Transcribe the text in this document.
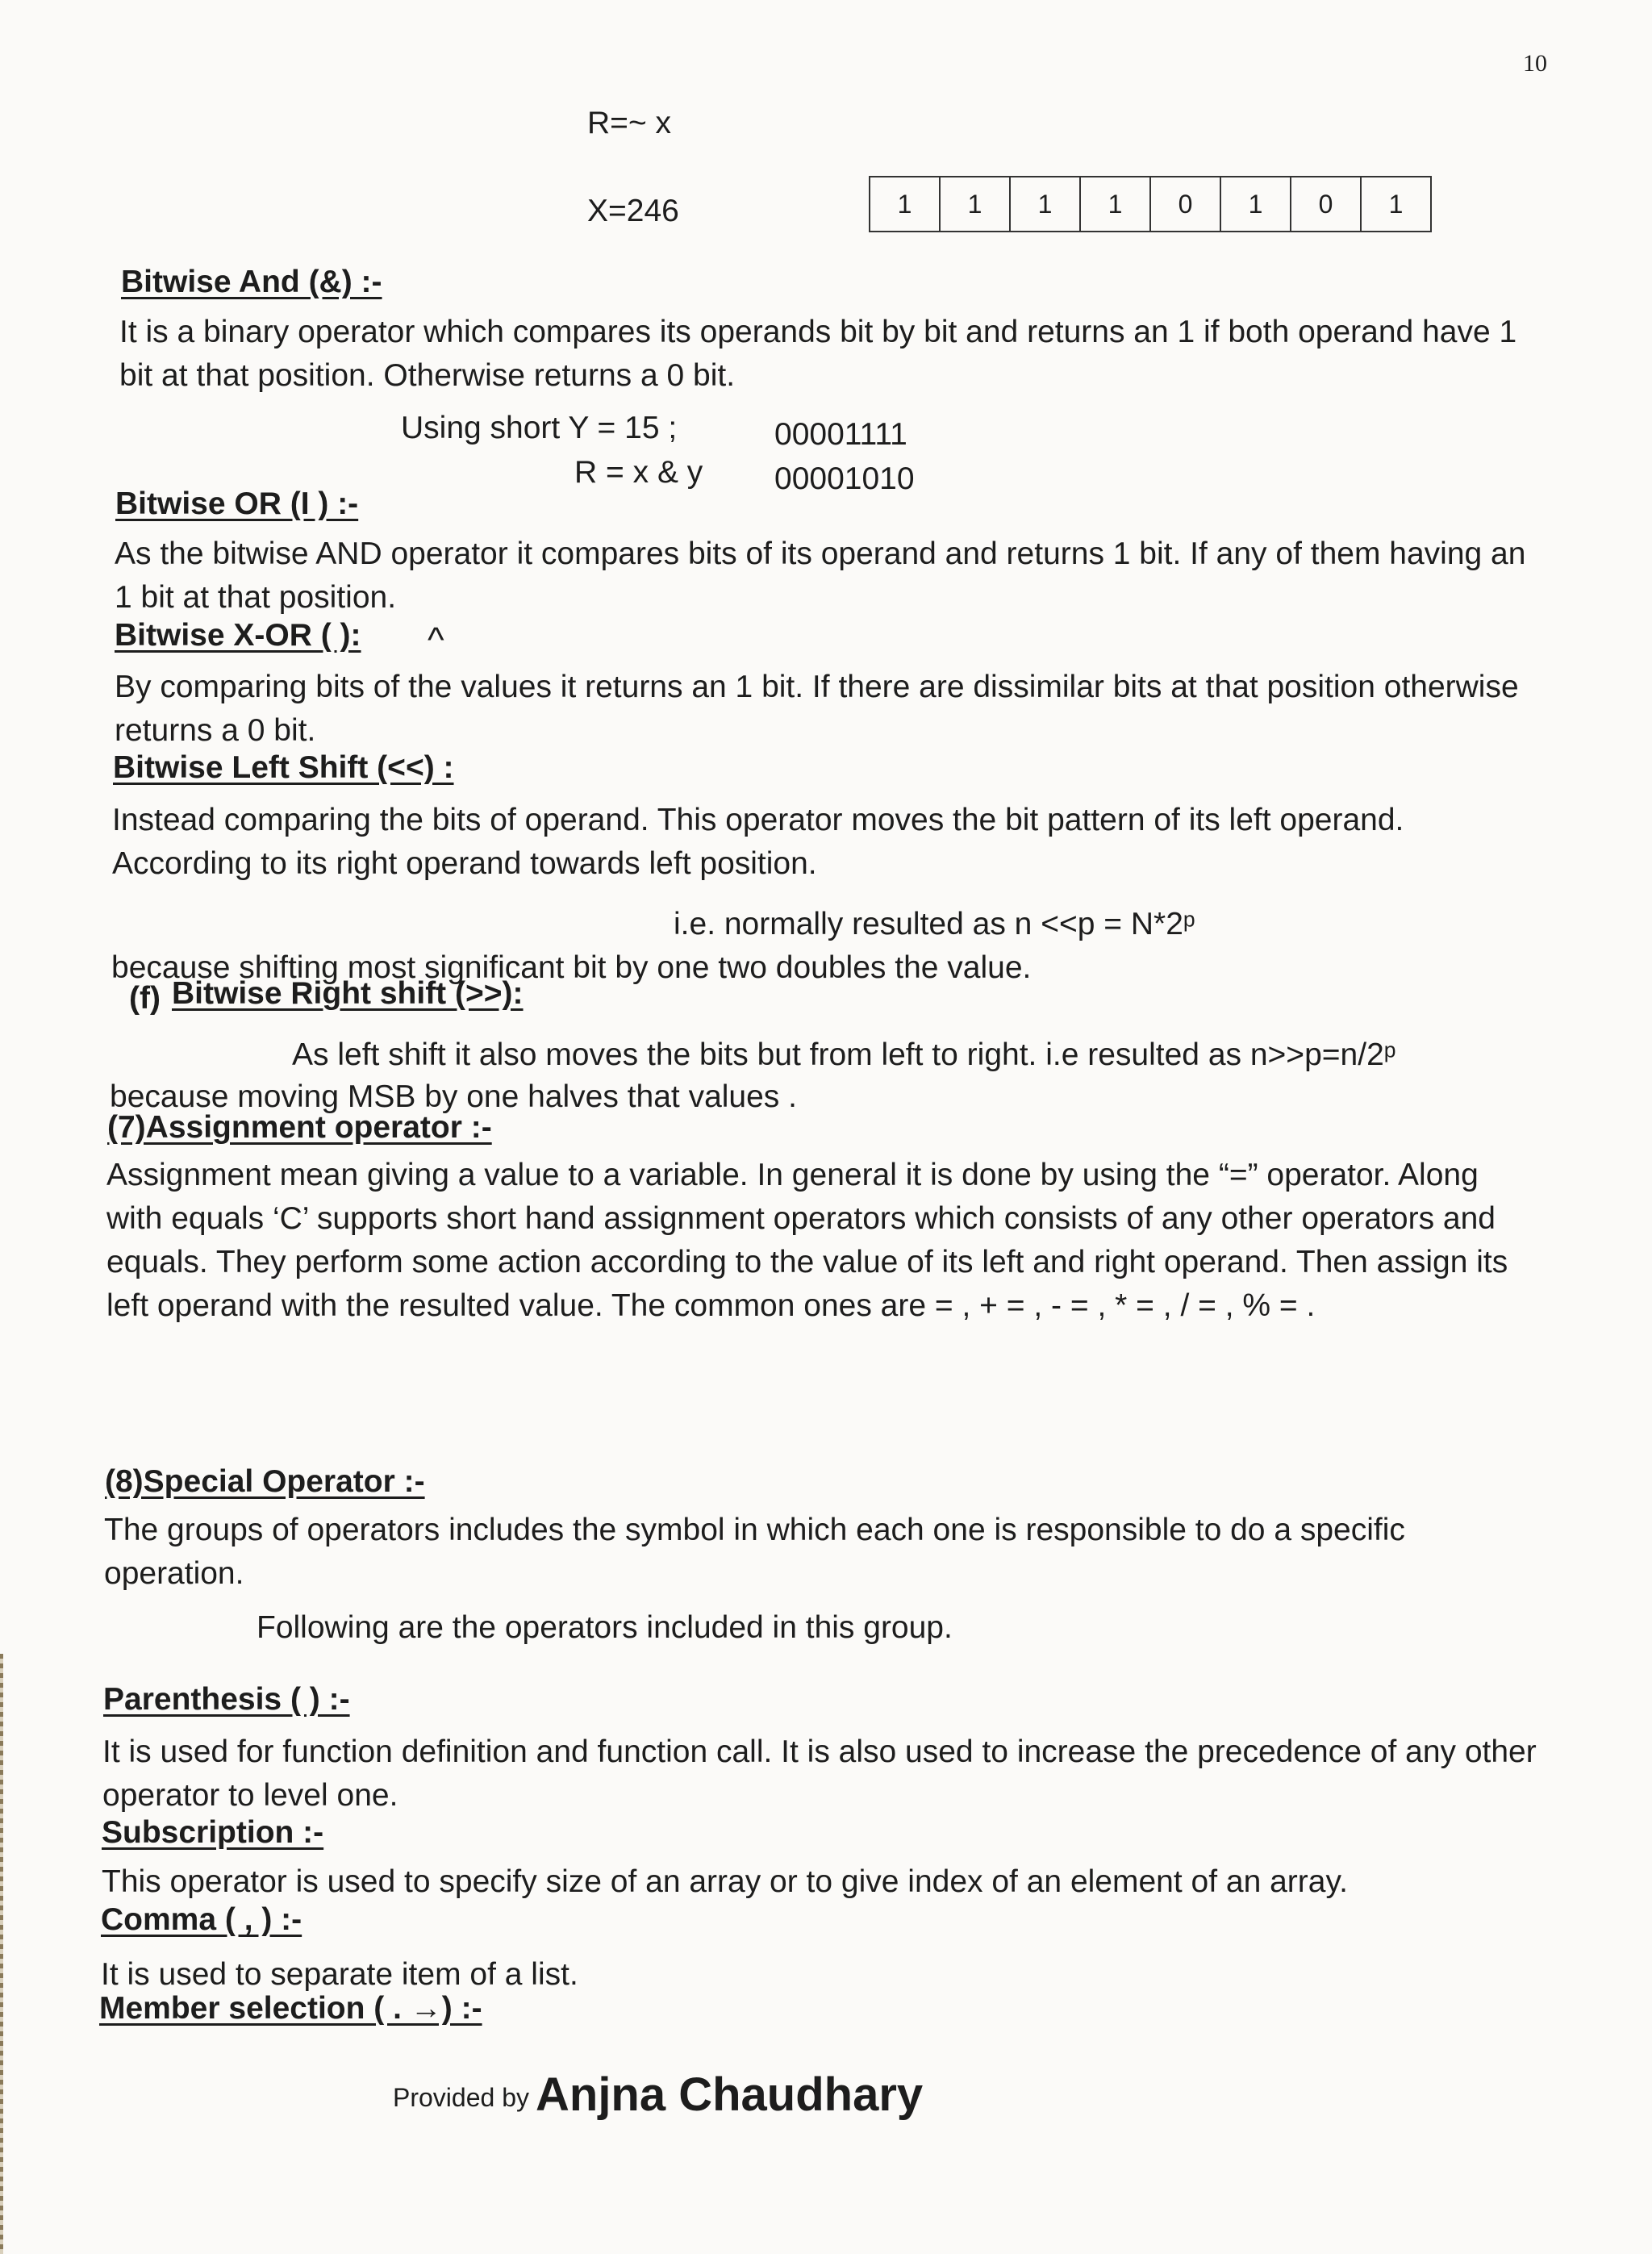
10
R=~ x
X=246	1	1	1	1	0	1	0	1
Bitwise And (&) :-
It is a binary operator which compares its operands bit by bit and returns an 1 if both operand have 1 bit at that position. Otherwise returns a 0 bit.
Using short Y = 15 ;	00001111
R = x & y 00001010
Bitwise OR (I ) :-
As the bitwise AND operator it compares bits of its operand and returns 1 bit. If any of them having an 1 bit at that position.
Bitwise X-OR ( ): ^
By comparing bits of the values it returns an 1 bit. If there are dissimilar bits at that position otherwise returns a 0 bit.
Bitwise Left Shift (<<) :
Instead comparing the bits of operand. This operator moves the bit pattern of its left operand. According to its right operand towards left position.
i.e. normally resulted as n <<p = N*2ᵖ
because shifting most significant bit by one two doubles the value.
(f) Bitwise Right shift (>>):
As left shift it also moves the bits but from left to right. i.e resulted as n>>p=n/2ᵖ
because moving MSB by one halves that values .
(7)Assignment operator :-
Assignment mean giving a value to a variable. In general it is done by using the “=” operator. Along with equals ‘C’ supports short hand assignment operators which consists of any other operators and equals. They perform some action according to the value of its left and right operand. Then assign its left operand with the resulted value. The common ones are = , + = , - = , * = , / = , % = .
(8)Special Operator :-
The groups of operators includes the symbol in which each one is responsible to do a specific operation.
Following are the operators included in this group.
Parenthesis ( ) :-
It is used for function definition and function call. It is also used to increase the precedence of any other operator to level one.
Subscription :-
This operator is used to specify size of an array or to give index of an element of an array.
Comma ( , ) :-
It is used to separate item of a list.
Member selection ( . →) :-
Provided by Anjna Chaudhary
